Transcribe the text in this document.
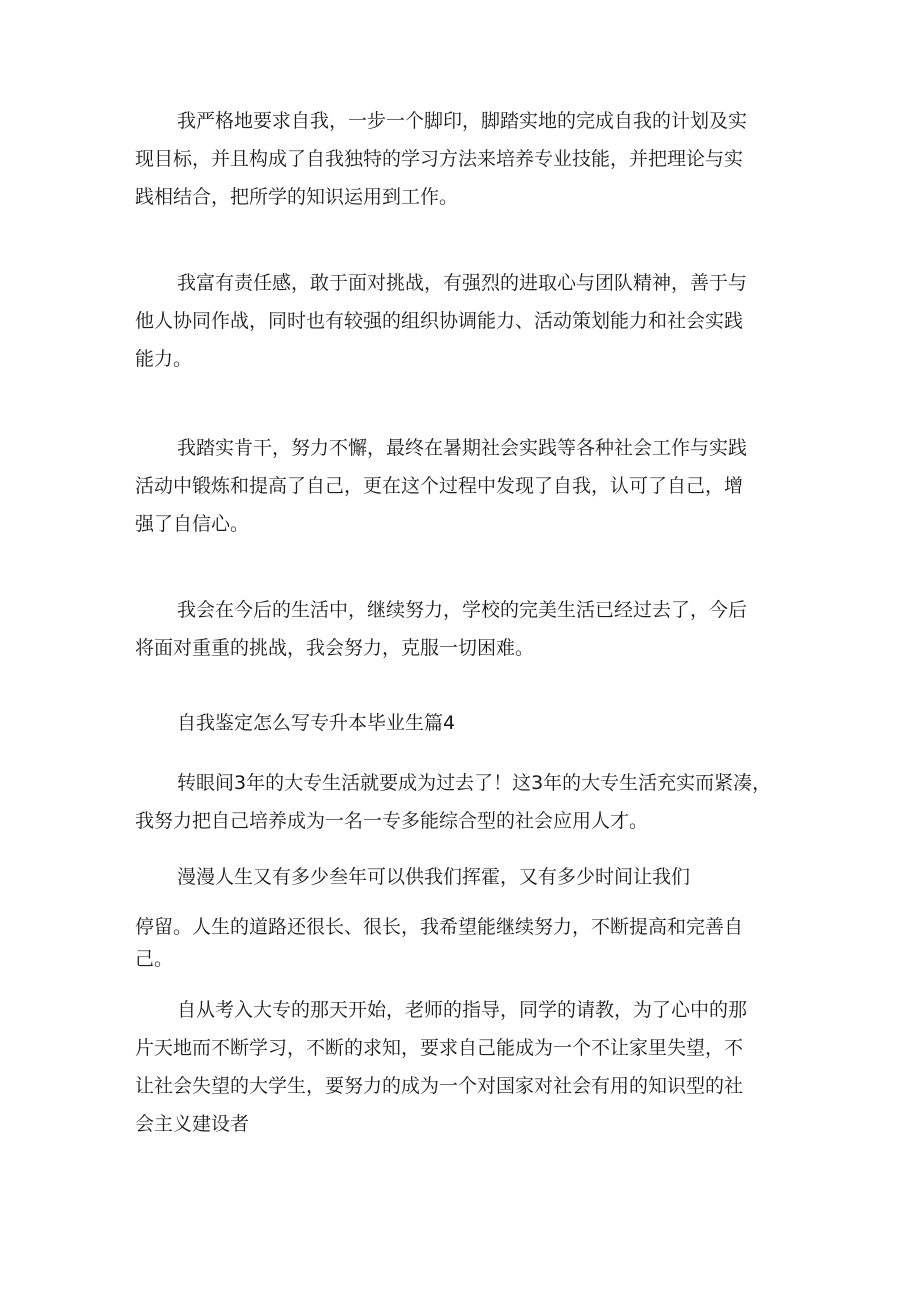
我严格地要求自我，一步一个脚印，脚踏实地的完成自我的计划及实
现目标，并且构成了自我独特的学习方法来培养专业技能，并把理论与实
践相结合，把所学的知识运用到工作。
我富有责任感，敢于面对挑战，有强烈的进取心与团队精神，善于与
他人协同作战，同时也有较强的组织协调能力、活动策划能力和社会实践
能力。
我踏实肯干，努力不懈，最终在暑期社会实践等各种社会工作与实践
活动中锻炼和提高了自己，更在这个过程中发现了自我，认可了自己，增
强了自信心。
我会在今后的生活中，继续努力，学校的完美生活已经过去了，今后
将面对重重的挑战，我会努力，克服一切困难。
自我鉴定怎么写专升本毕业生篇4
转眼间3年的大专生活就要成为过去了！这3年的大专生活充实而紧凑，
我努力把自己培养成为一名一专多能综合型的社会应用人才。
漫漫人生又有多少叁年可以供我们挥霍，又有多少时间让我们
停留。人生的道路还很长、很长，我希望能继续努力，不断提高和完善自
己。
自从考入大专的那天开始，老师的指导，同学的请教，为了心中的那
片天地而不断学习，不断的求知，要求自己能成为一个不让家里失望，不
让社会失望的大学生，要努力的成为一个对国家对社会有用的知识型的社
会主义建设者
